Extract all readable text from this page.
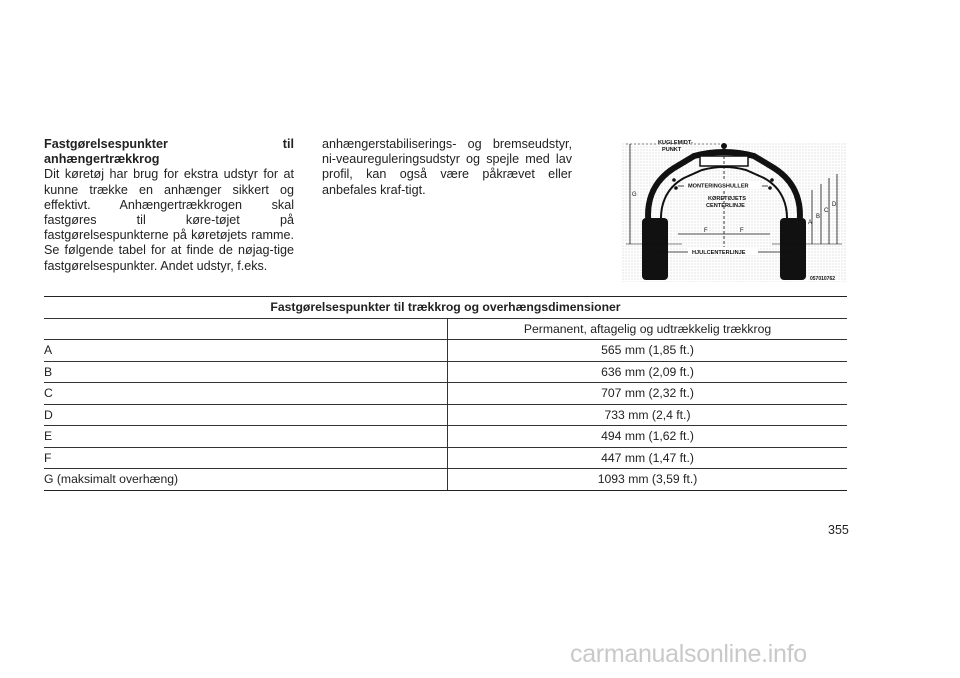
Fastgørelsespunkter til anhængertrækkrog
Dit køretøj har brug for ekstra udstyr for at kunne trække en anhænger sikkert og effektivt. Anhængertrækkrogen skal fastgøres til køre-tøjet på fastgørelsespunkterne på køretøjets ramme. Se følgende tabel for at finde de nøjag-tige fastgørelsespunkter. Andet udstyr, f.eks.
anhængerstabiliserings- og bremseudstyr, ni-veaureguleringsudstyr og spejle med lav profil, kan også være påkrævet eller anbefales kraf-tigt.
KUGLEMIDT-
PUNKT
MONTERINGSHULLER
KØRETØJETS
CENTERLINJE
HJULCENTERLINJE
G
A
B
C
D
F	F
057010762
Fastgørelsespunkter til trækkrog og overhængsdimensioner	
	Permanent, aftagelig og udtrækkelig trækkrog
A	565 mm (1,85 ft.)
B	636 mm (2,09 ft.)
C	707 mm (2,32 ft.)
D	733 mm (2,4 ft.)
E	494 mm (1,62 ft.)
F	447 mm (1,47 ft.)
G (maksimalt overhæng)	1093 mm (3,59 ft.)
355
carmanualsonline.info
